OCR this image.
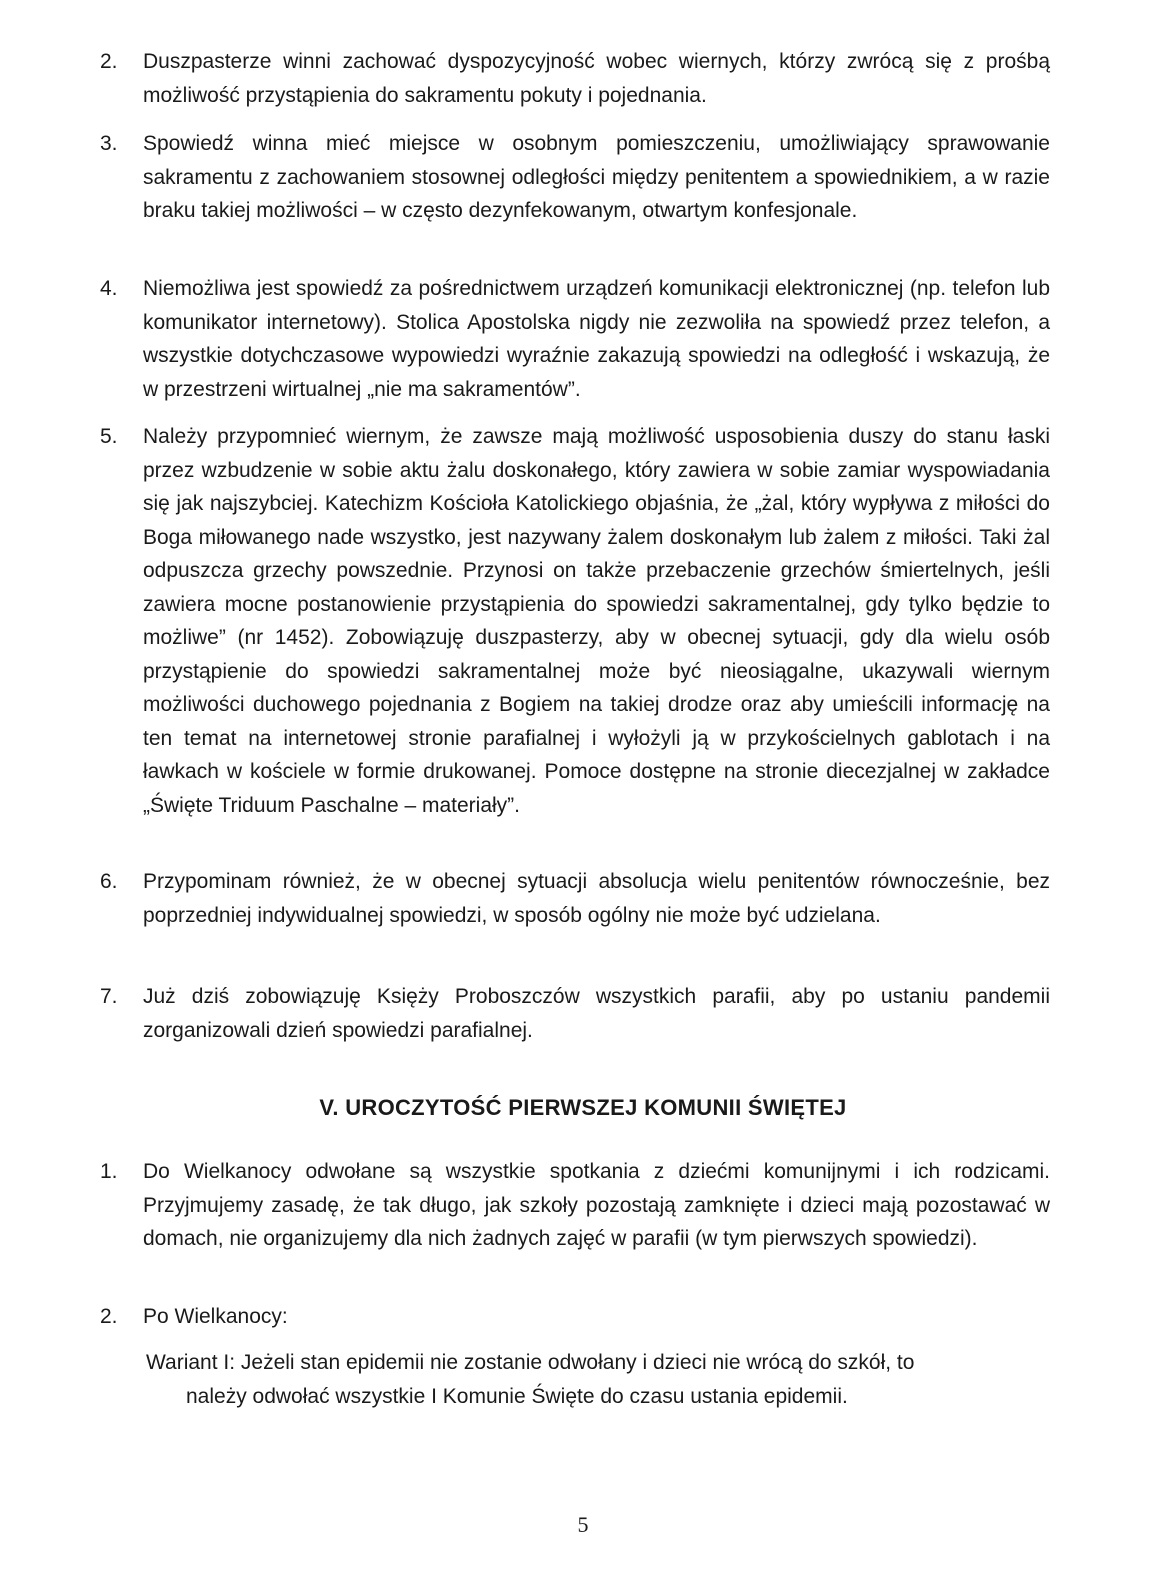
2.	Duszpasterze winni zachować dyspozycyjność wobec wiernych, którzy zwrócą się z prośbą możliwość przystąpienia do sakramentu pokuty i pojednania.
3.	Spowiedź winna mieć miejsce w osobnym pomieszczeniu, umożliwiający sprawowanie sakramentu z zachowaniem stosownej odległości między penitentem a spowiednikiem, a w razie braku takiej możliwości – w często dezynfekowanym, otwartym konfesjonale.
4.	Niemożliwa jest spowiedź za pośrednictwem urządzeń komunikacji elektronicznej (np. telefon lub komunikator internetowy). Stolica Apostolska nigdy nie zezwoliła na spowiedź przez telefon, a wszystkie dotychczasowe wypowiedzi wyraźnie zakazują spowiedzi na odległość i wskazują, że w przestrzeni wirtualnej „nie ma sakramentów”.
5.	Należy przypomnieć wiernym, że zawsze mają możliwość usposobienia duszy do stanu łaski przez wzbudzenie w sobie aktu żalu doskonałego, który zawiera w sobie zamiar wyspowiadania się jak najszybciej. Katechizm Kościoła Katolickiego objaśnia, że „żal, który wypływa z miłości do Boga miłowanego nade wszystko, jest nazywany żalem doskonałym lub żalem z miłości. Taki żal odpuszcza grzechy powszednie. Przynosi on także przebaczenie grzechów śmiertelnych, jeśli zawiera mocne postanowienie przystąpienia do spowiedzi sakramentalnej, gdy tylko będzie to możliwe” (nr 1452). Zobowiązuję duszpasterzy, aby w obecnej sytuacji, gdy dla wielu osób przystąpienie do spowiedzi sakramentalnej może być nieosiągalne, ukazywali wiernym możliwości duchowego pojednania z Bogiem na takiej drodze oraz aby umieścili informację na ten temat na internetowej stronie parafialnej i wyłożyli ją w przykościelnych gablotach i na ławkach w kościele w formie drukowanej. Pomoce dostępne na stronie diecezjalnej w zakładce „Święte Triduum Paschalne – materiały”.
6.	Przypominam również, że w obecnej sytuacji absolucja wielu penitentów równocześnie, bez poprzedniej indywidualnej spowiedzi, w sposób ogólny nie może być udzielana.
7.	Już dziś zobowiązuję Księży Proboszczów wszystkich parafii, aby po ustaniu pandemii zorganizowali dzień spowiedzi parafialnej.
V. UROCZYTOŚĆ PIERWSZEJ KOMUNII ŚWIĘTEJ
1.	Do Wielkanocy odwołane są wszystkie spotkania z dziećmi komunijnymi i ich rodzicami. Przyjmujemy zasadę, że tak długo, jak szkoły pozostają zamknięte i dzieci mają pozostawać w domach, nie organizujemy dla nich żadnych zajęć w parafii (w tym pierwszych spowiedzi).
2.	Po Wielkanocy:
Wariant I: Jeżeli stan epidemii nie zostanie odwołany i dzieci nie wrócą do szkół, to
należy odwołać wszystkie I Komunie Święte do czasu ustania epidemii.
5
